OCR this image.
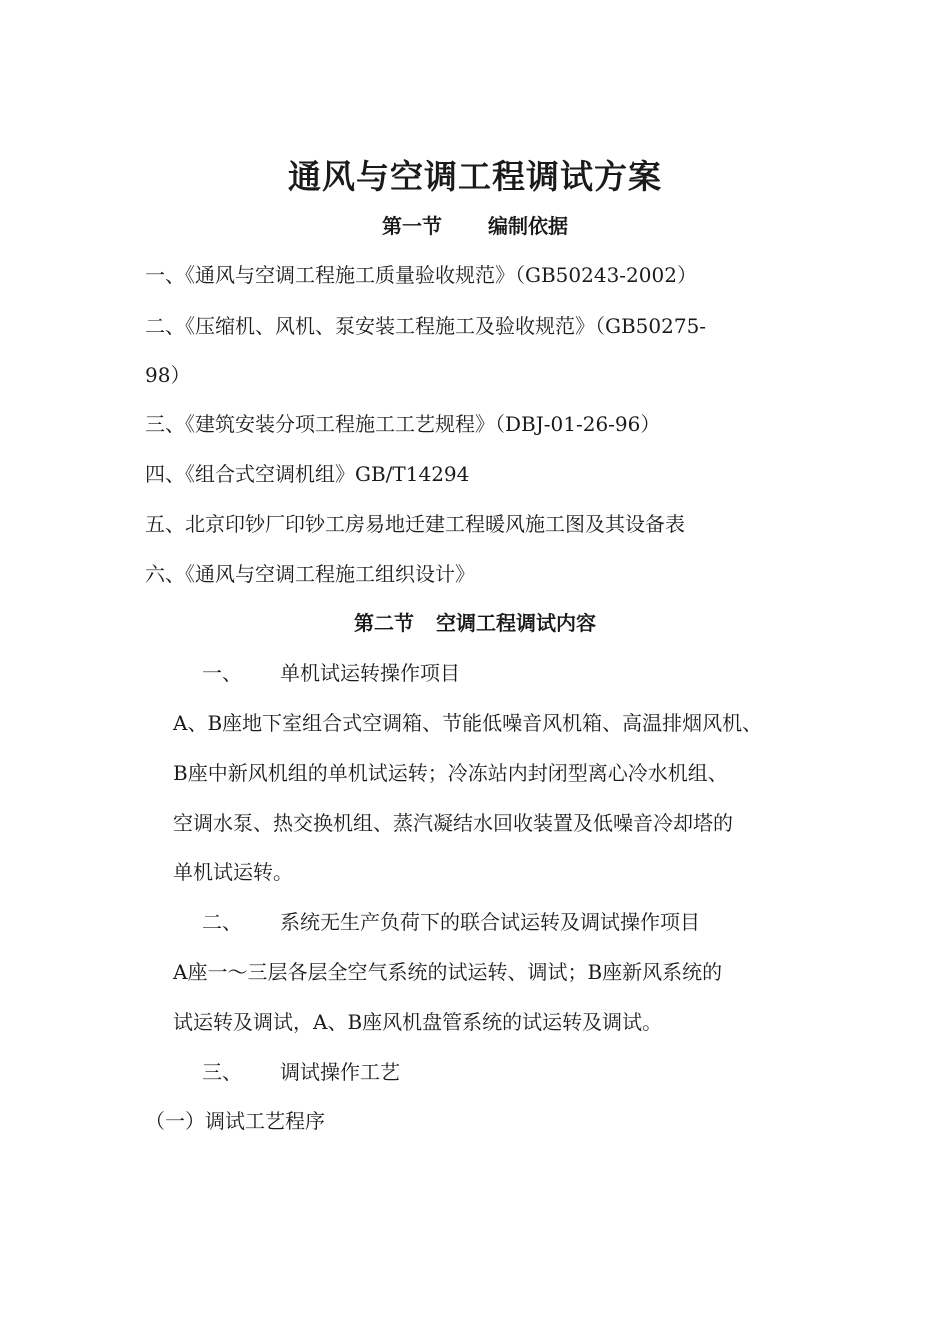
通风与空调工程调试方案
第一节 编制依据
一、《通风与空调工程施工质量验收规范》（GB50243-2002）
二、《压缩机、风机、泵安装工程施工及验收规范》（GB50275-
98）
三、《建筑安装分项工程施工工艺规程》（DBJ-01-26-96）
四、《组合式空调机组》GB/T14294
五、北京印钞厂印钞工房易地迁建工程暖风施工图及其设备表
六、《通风与空调工程施工组织设计》
第二节 空调工程调试内容
一、 单机试运转操作项目
A、B座地下室组合式空调箱、节能低噪音风机箱、高温排烟风机、
B座中新风机组的单机试运转；冷冻站内封闭型离心冷水机组、
空调水泵、热交换机组、蒸汽凝结水回收装置及低噪音冷却塔的
单机试运转。
二、 系统无生产负荷下的联合试运转及调试操作项目
A座一～三层各层全空气系统的试运转、调试；B座新风系统的
试运转及调试，A、B座风机盘管系统的试运转及调试。
三、 调试操作工艺
（一）调试工艺程序
